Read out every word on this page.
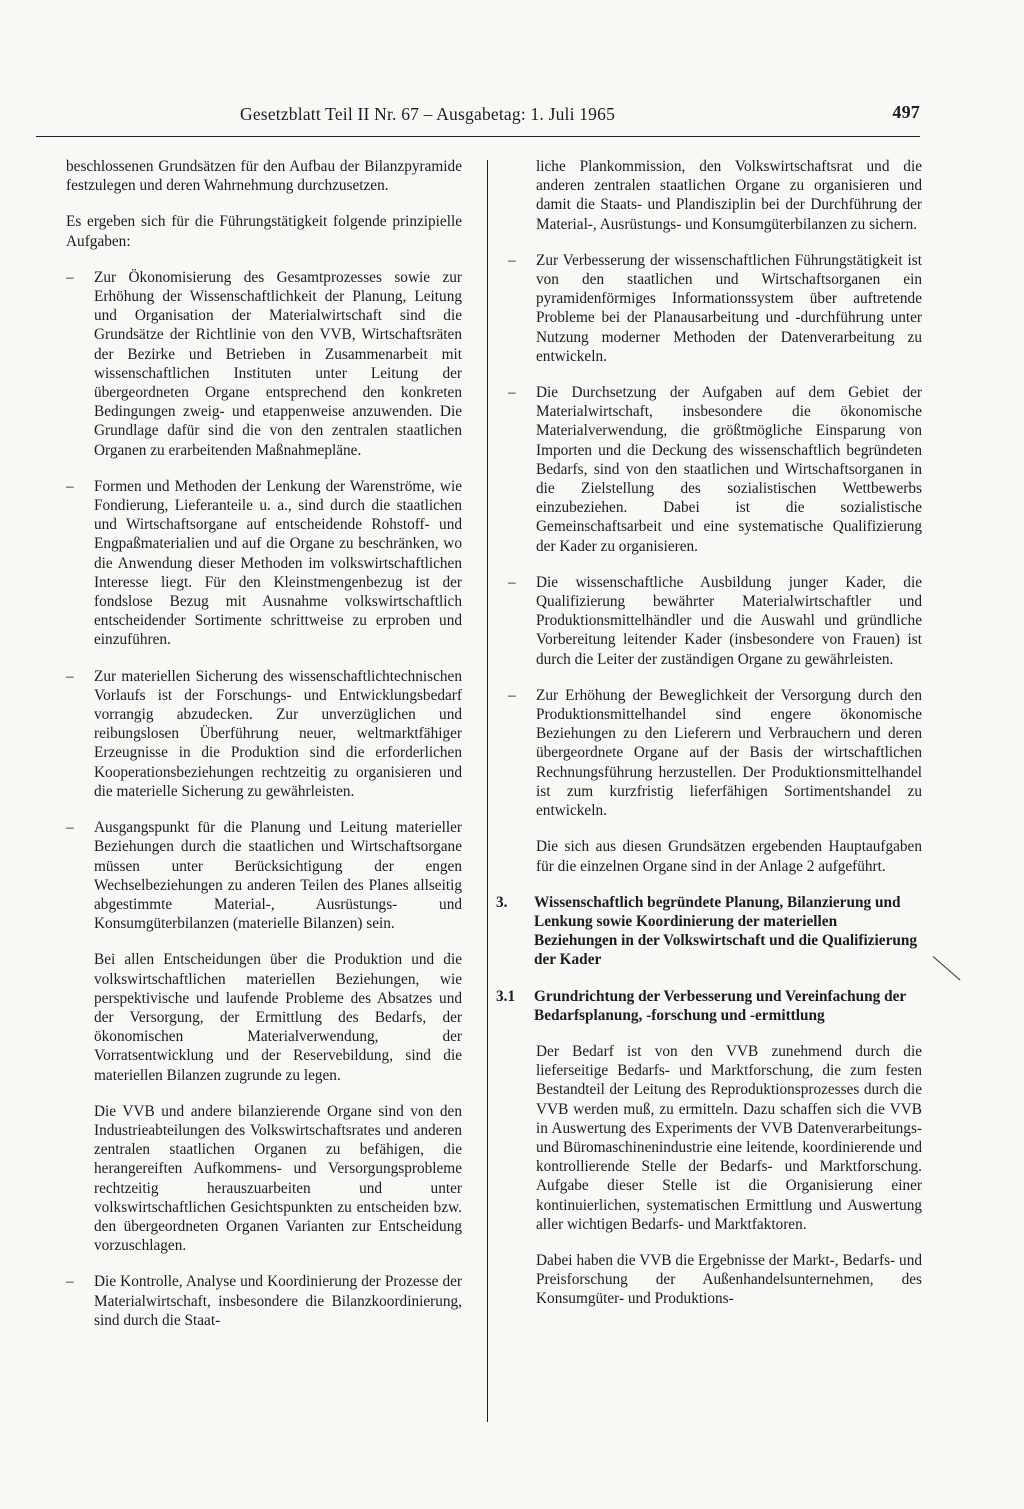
Gesetzblatt Teil II Nr. 67 – Ausgabetag: 1. Juli 1965	497

beschlossenen Grundsätzen für den Aufbau der Bilanzpyramide festzulegen und deren Wahrnehmung durchzusetzen.

Es ergeben sich für die Führungstätigkeit folgende prinzipielle Aufgaben:

– Zur Ökonomisierung des Gesamtprozesses sowie zur Erhöhung der Wissenschaftlichkeit der Planung, Leitung und Organisation der Materialwirtschaft sind die Grundsätze der Richtlinie von den VVB, Wirtschaftsräten der Bezirke und Betrieben in Zusammenarbeit mit wissenschaftlichen Instituten unter Leitung der übergeordneten Organe entsprechend den konkreten Bedingungen zweig- und etappenweise anzuwenden. Die Grundlage dafür sind die von den zentralen staatlichen Organen zu erarbeitenden Maßnahmepläne.
– Formen und Methoden der Lenkung der Warenströme, wie Fondierung, Lieferanteile u. a., sind durch die staatlichen und Wirtschaftsorgane auf entscheidende Rohstoff- und Engpaßmaterialien und auf die Organe zu beschränken, wo die Anwendung dieser Methoden im volkswirtschaftlichen Interesse liegt. Für den Kleinstmengenbezug ist der fondslose Bezug mit Ausnahme volkswirtschaftlich entscheidender Sortimente schrittweise zu erproben und einzuführen.
– Zur materiellen Sicherung des wissenschaftlichtechnischen Vorlaufs ist der Forschungs- und Entwicklungsbedarf vorrangig abzudecken. Zur unverzüglichen und reibungslosen Überführung neuer, weltmarktfähiger Erzeugnisse in die Produktion sind die erforderlichen Kooperationsbeziehungen rechtzeitig zu organisieren und die materielle Sicherung zu gewährleisten.
– Ausgangspunkt für die Planung und Leitung materieller Beziehungen durch die staatlichen und Wirtschaftsorgane müssen unter Berücksichtigung der engen Wechselbeziehungen zu anderen Teilen des Planes allseitig abgestimmte Material-, Ausrüstungs- und Konsumgüterbilanzen (materielle Bilanzen) sein.

Bei allen Entscheidungen über die Produktion und die volkswirtschaftlichen materiellen Beziehungen, wie perspektivische und laufende Probleme des Absatzes und der Versorgung, der Ermittlung des Bedarfs, der ökonomischen Materialverwendung, der Vorratsentwicklung und der Reservebildung, sind die materiellen Bilanzen zugrunde zu legen.

Die VVB und andere bilanzierende Organe sind von den Industrieabteilungen des Volkswirtschaftsrates und anderen zentralen staatlichen Organen zu befähigen, die herangereiften Aufkommens- und Versorgungsprobleme rechtzeitig herauszuarbeiten und unter volkswirtschaftlichen Gesichtspunkten zu entscheiden bzw. den übergeordneten Organen Varianten zur Entscheidung vorzuschlagen.

– Die Kontrolle, Analyse und Koordinierung der Prozesse der Materialwirtschaft, insbesondere die Bilanzkoordinierung, sind durch die Staat-

liche Plankommission, den Volkswirtschaftsrat und die anderen zentralen staatlichen Organe zu organisieren und damit die Staats- und Plandisziplin bei der Durchführung der Material-, Ausrüstungs- und Konsumgüterbilanzen zu sichern.

– Zur Verbesserung der wissenschaftlichen Führungstätigkeit ist von den staatlichen und Wirtschaftsorganen ein pyramidenförmiges Informationssystem über auftretende Probleme bei der Planausarbeitung und -durchführung unter Nutzung moderner Methoden der Datenverarbeitung zu entwickeln.
– Die Durchsetzung der Aufgaben auf dem Gebiet der Materialwirtschaft, insbesondere die ökonomische Materialverwendung, die größtmögliche Einsparung von Importen und die Deckung des wissenschaftlich begründeten Bedarfs, sind von den staatlichen und Wirtschaftsorganen in die Zielstellung des sozialistischen Wettbewerbs einzubeziehen. Dabei ist die sozialistische Gemeinschaftsarbeit und eine systematische Qualifizierung der Kader zu organisieren.
– Die wissenschaftliche Ausbildung junger Kader, die Qualifizierung bewährter Materialwirtschaftler und Produktionsmittelhändler und die Auswahl und gründliche Vorbereitung leitender Kader (insbesondere von Frauen) ist durch die Leiter der zuständigen Organe zu gewährleisten.
– Zur Erhöhung der Beweglichkeit der Versorgung durch den Produktionsmittelhandel sind engere ökonomische Beziehungen zu den Lieferern und Verbrauchern und deren übergeordnete Organe auf der Basis der wirtschaftlichen Rechnungsführung herzustellen. Der Produktionsmittelhandel ist zum kurzfristig lieferfähigen Sortimentshandel zu entwickeln.

Die sich aus diesen Grundsätzen ergebenden Hauptaufgaben für die einzelnen Organe sind in der Anlage 2 aufgeführt.

3. Wissenschaftlich begründete Planung, Bilanzierung und Lenkung sowie Koordinierung der materiellen Beziehungen in der Volkswirtschaft und die Qualifizierung der Kader
3.1 Grundrichtung der Verbesserung und Vereinfachung der Bedarfsplanung, -forschung und -ermittlung

Der Bedarf ist von den VVB zunehmend durch die lieferseitige Bedarfs- und Marktforschung, die zum festen Bestandteil der Leitung des Reproduktionsprozesses durch die VVB werden muß, zu ermitteln. Dazu schaffen sich die VVB in Auswertung des Experiments der VVB Datenverarbeitungs- und Büromaschinenindustrie eine leitende, koordinierende und kontrollierende Stelle der Bedarfs- und Marktforschung. Aufgabe dieser Stelle ist die Organisierung einer kontinuierlichen, systematischen Ermittlung und Auswertung aller wichtigen Bedarfs- und Marktfaktoren.

Dabei haben die VVB die Ergebnisse der Markt-, Bedarfs- und Preisforschung der Außenhandelsunternehmen, des Konsumgüter- und Produktions-
